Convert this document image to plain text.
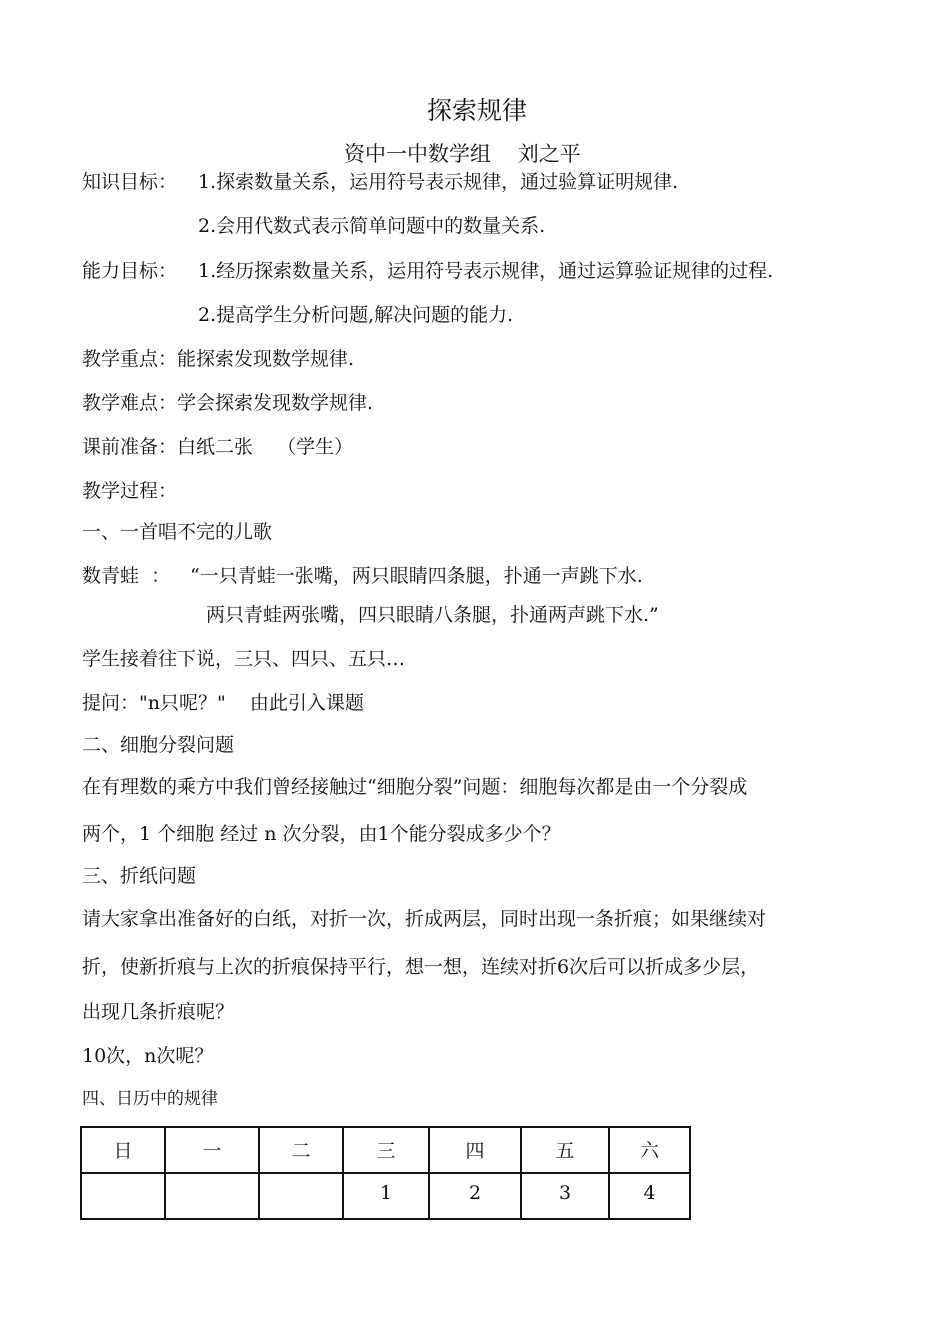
探索规律
资中一中数学组    刘之平
知识目标： 1.探索数量关系，运用符号表示规律，通过验算证明规律.
2.会用代数式表示简单问题中的数量关系.
能力目标： 1.经历探索数量关系，运用符号表示规律，通过运算验证规律的过程.
2.提高学生分析问题,解决问题的能力.
教学重点：能探索发现数学规律.
教学难点：学会探索发现数学规律.
课前准备：白纸二张    （学生）
教学过程：
一、一首唱不完的儿歌
数青蛙  ： “一只青蛙一张嘴，两只眼睛四条腿，扑通一声跳下水.
两只青蛙两张嘴，四只眼睛八条腿，扑通两声跳下水.”
学生接着往下说，三只、四只、五只…
提问："n只呢？"    由此引入课题
二、细胞分裂问题
在有理数的乘方中我们曾经接触过“细胞分裂”问题：细胞每次都是由一个分裂成
两个，1 个细胞 经过 n 次分裂，由1个能分裂成多少个？
三、折纸问题
请大家拿出准备好的白纸，对折一次，折成两层，同时出现一条折痕；如果继续对
折，使新折痕与上次的折痕保持平行，想一想，连续对折6次后可以折成多少层，
出现几条折痕呢？
10次，n次呢？
四、日历中的规律
日	一	二	三	四	五	六

			1	2	3	4
